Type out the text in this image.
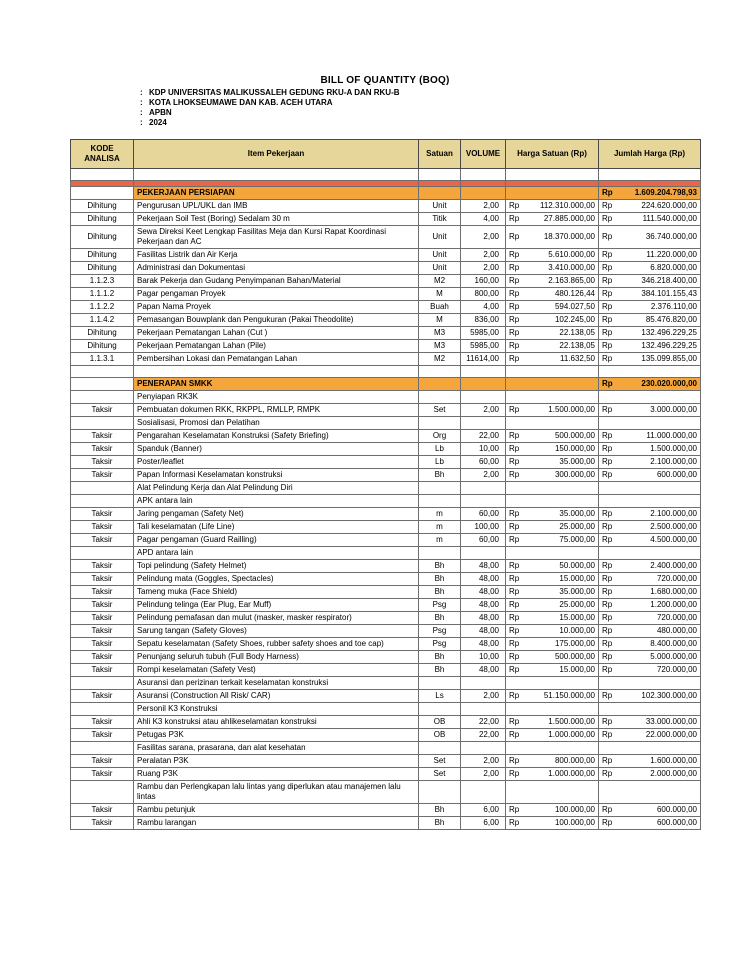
BILL OF QUANTITY (BOQ)
: KDP UNIVERSITAS MALIKUSSALEH GEDUNG RKU-A DAN RKU-B
: KOTA LHOKSEUMAWE DAN KAB. ACEH UTARA
: APBN
: 2024
KODE ANALISA	Item Pekerjaan	Satuan	VOLUME	Harga Satuan (Rp)	Jumlah Harga (Rp)

	PEKERJAAN PERSIAPAN				Rp 1.609.204.798,93

Dihitung	Pengurusan UPL/UKL dan IMB	Unit	2,00	Rp 112.310.000,00	Rp 224.620.000,00

Dihitung	Pekerjaan Soil Test (Boring) Sedalam 30 m	Titik	4,00	Rp 27.885.000,00	Rp 111.540.000,00

Dihitung	Sewa Direksi Keet Lengkap Fasilitas Meja dan Kursi Rapat Koordinasi Pekerjaan dan AC	Unit	2,00	Rp 18.370.000,00	Rp 36.740.000,00

Dihitung	Fasilitas Listrik dan Air Kerja	Unit	2,00	Rp 5.610.000,00	Rp 11.220.000,00

Dihitung	Administrasi dan Dokumentasi	Unit	2,00	Rp 3.410.000,00	Rp 6.820.000,00

1.1.2.3	Barak Pekerja dan Gudang Penyimpanan Bahan/Material	M2	160,00	Rp 2.163.865,00	Rp 346.218.400,00

1.1.1.2	Pagar pengaman Proyek	M	800,00	Rp 480.126,44	Rp 384.101.155,43

1.1.2.2	Papan Nama Proyek	Buah	4,00	Rp 594.027,50	Rp 2.376.110,00

1.1.4.2	Pemasangan Bouwplank dan Pengukuran (Pakai Theodolite)	M	836,00	Rp 102.245,00	Rp 85.476.820,00

Dihitung	Pekerjaan Pematangan Lahan (Cut )	M3	5985,00	Rp 22.138,05	Rp 132.496.229,25

Dihitung	Pekerjaan Pematangan Lahan (Pile)	M3	5985,00	Rp 22.138,05	Rp 132.496.229,25

1.1.3.1	Pembersihan Lokasi dan Pematangan Lahan	M2	11614,00	Rp 11.632,50	Rp 135.099.855,00

	PENERAPAN SMKK				Rp 230.020.000,00

	Penyiapan RK3K				
Taksir	Pembuatan dokumen RKK, RKPPL, RMLLP, RMPK	Set	2,00	Rp 1.500.000,00	Rp 3.000.000,00

	Sosialisasi, Promosi dan Pelatihan				
Taksir	Pengarahan Keselamatan Konstruksi (Safety Briefing)	Org	22,00	Rp 500.000,00	Rp 11.000.000,00

Taksir	Spanduk (Banner)	Lb	10,00	Rp 150.000,00	Rp 1.500.000,00

Taksir	Poster/leaflet	Lb	60,00	Rp 35.000,00	Rp 2.100.000,00

Taksir	Papan Informasi Keselamatan konstruksi	Bh	2,00	Rp 300.000,00	Rp 600.000,00

	Alat Pelindung Kerja dan Alat Pelindung Diri				
	APK antara lain				
Taksir	Jaring pengaman (Safety Net)	m	60,00	Rp 35.000,00	Rp 2.100.000,00

Taksir	Tali keselamatan (Life Line)	m	100,00	Rp 25.000,00	Rp 2.500.000,00

Taksir	Pagar pengaman (Guard Railling)	m	60,00	Rp 75.000,00	Rp 4.500.000,00

	APD antara lain				
Taksir	Topi pelindung (Safety Helmet)	Bh	48,00	Rp 50.000,00	Rp 2.400.000,00

Taksir	Pelindung mata (Goggles, Spectacles)	Bh	48,00	Rp 15.000,00	Rp 720.000,00

Taksir	Tameng muka (Face Shield)	Bh	48,00	Rp 35.000,00	Rp 1.680.000,00

Taksir	Pelindung telinga (Ear Plug, Ear Muff)	Psg	48,00	Rp 25.000,00	Rp 1.200.000,00

Taksir	Pelindung pemafasan dan mulut (masker, masker respirator)	Bh	48,00	Rp 15.000,00	Rp 720.000,00

Taksir	Sarung tangan (Safety Gloves)	Psg	48,00	Rp 10.000,00	Rp 480.000,00

Taksir	Sepatu keselamatan (Safety Shoes, rubber safety shoes and toe cap)	Psg	48,00	Rp 175.000,00	Rp 8.400.000,00

Taksir	Penunjang seluruh tubuh (Full Body Harness)	Bh	10,00	Rp 500.000,00	Rp 5.000.000,00

Taksir	Rompi keselamatan (Safety Vest)	Bh	48,00	Rp 15.000,00	Rp 720.000,00

	Asuransi dan perizinan terkait keselamatan konstruksi				
Taksir	Asuransi (Construction All Risk/ CAR)	Ls	2,00	Rp 51.150.000,00	Rp 102.300.000,00

	Personil K3 Konstruksi				
Taksir	Ahli K3 konstruksi atau ahlikeselamatan konstruksi	OB	22,00	Rp 1.500.000,00	Rp 33.000.000,00

Taksir	Petugas P3K	OB	22,00	Rp 1.000.000,00	Rp 22.000.000,00

	Fasilitas sarana, prasarana, dan alat kesehatan				
Taksir	Peralatan P3K	Set	2,00	Rp 800.000,00	Rp 1.600.000,00

Taksir	Ruang P3K	Set	2,00	Rp 1.000.000,00	Rp 2.000.000,00

	Rambu dan Perlengkapan lalu lintas yang diperlukan atau manajemen lalu lintas				
Taksir	Rambu petunjuk	Bh	6,00	Rp 100.000,00	Rp 600.000,00

Taksir	Rambu larangan	Bh	6,00	Rp 100.000,00	Rp 600.000,00
